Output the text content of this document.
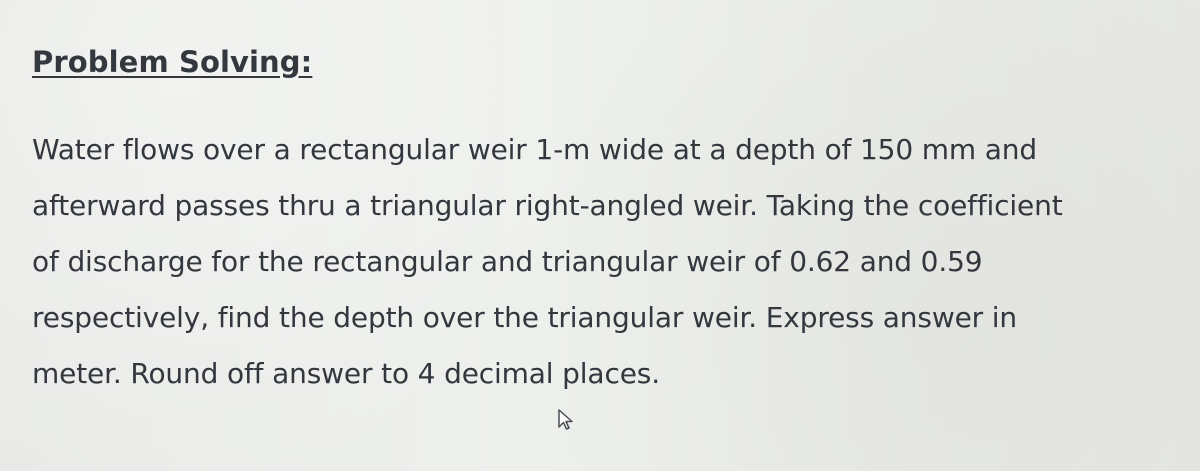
Problem Solving:
Water flows over a rectangular weir 1-m wide at a depth of 150 mm and
afterward passes thru a triangular right-angled weir. Taking the coefficient
of discharge for the rectangular and triangular weir of 0.62 and 0.59
respectively, find the depth over the triangular weir. Express answer in
meter. Round off answer to 4 decimal places.
